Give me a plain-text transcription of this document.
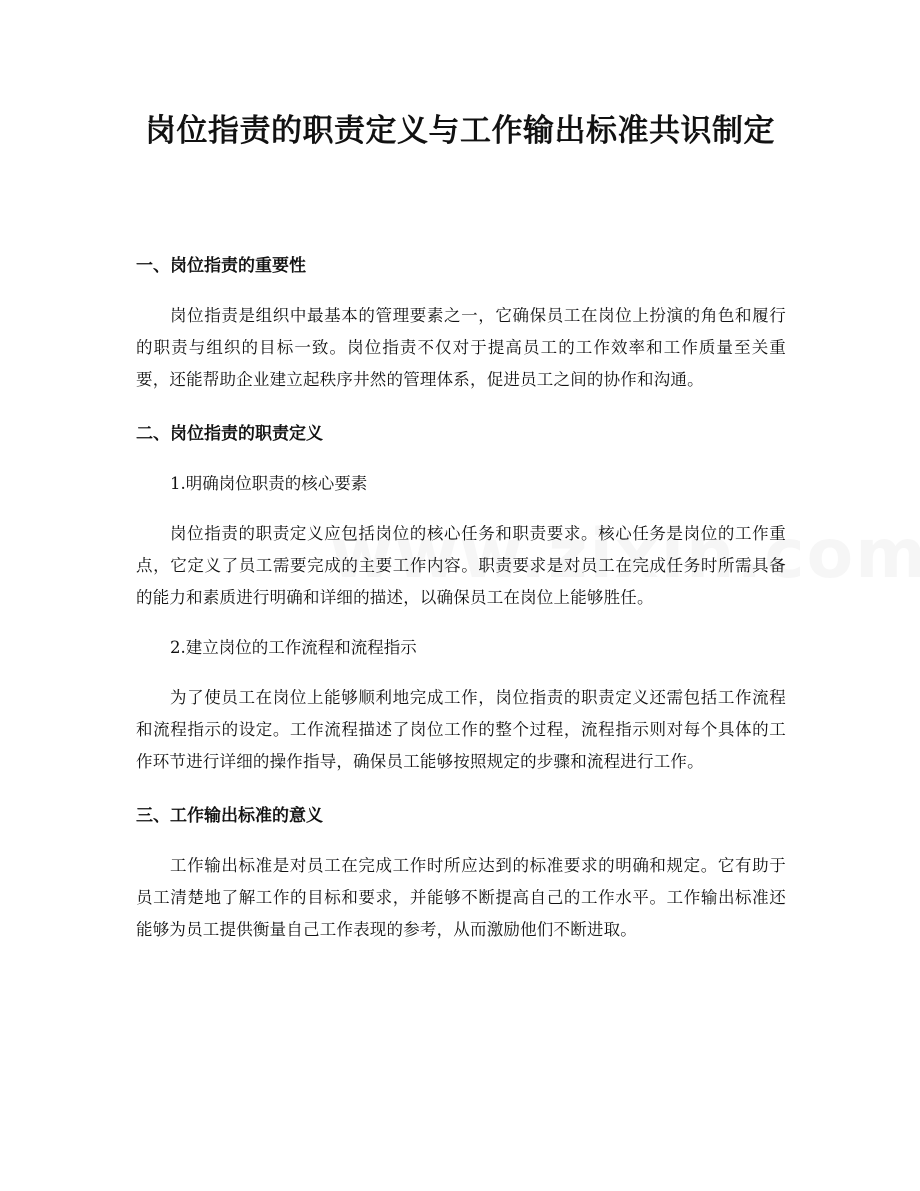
岗位指责的职责定义与工作输出标准共识制定
一、岗位指责的重要性

岗位指责是组织中最基本的管理要素之一，它确保员工在岗位上扮演的角色和履行的职责与组织的目标一致。岗位指责不仅对于提高员工的工作效率和工作质量至关重要，还能帮助企业建立起秩序井然的管理体系，促进员工之间的协作和沟通。

二、岗位指责的职责定义

1.明确岗位职责的核心要素

岗位指责的职责定义应包括岗位的核心任务和职责要求。核心任务是岗位的工作重点，它定义了员工需要完成的主要工作内容。职责要求是对员工在完成任务时所需具备的能力和素质进行明确和详细的描述，以确保员工在岗位上能够胜任。

2.建立岗位的工作流程和流程指示

为了使员工在岗位上能够顺利地完成工作，岗位指责的职责定义还需包括工作流程和流程指示的设定。工作流程描述了岗位工作的整个过程，流程指示则对每个具体的工作环节进行详细的操作指导，确保员工能够按照规定的步骤和流程进行工作。

三、工作输出标准的意义

工作输出标准是对员工在完成工作时所应达到的标准要求的明确和规定。它有助于员工清楚地了解工作的目标和要求，并能够不断提高自己的工作水平。工作输出标准还能够为员工提供衡量自己工作表现的参考，从而激励他们不断进取。
